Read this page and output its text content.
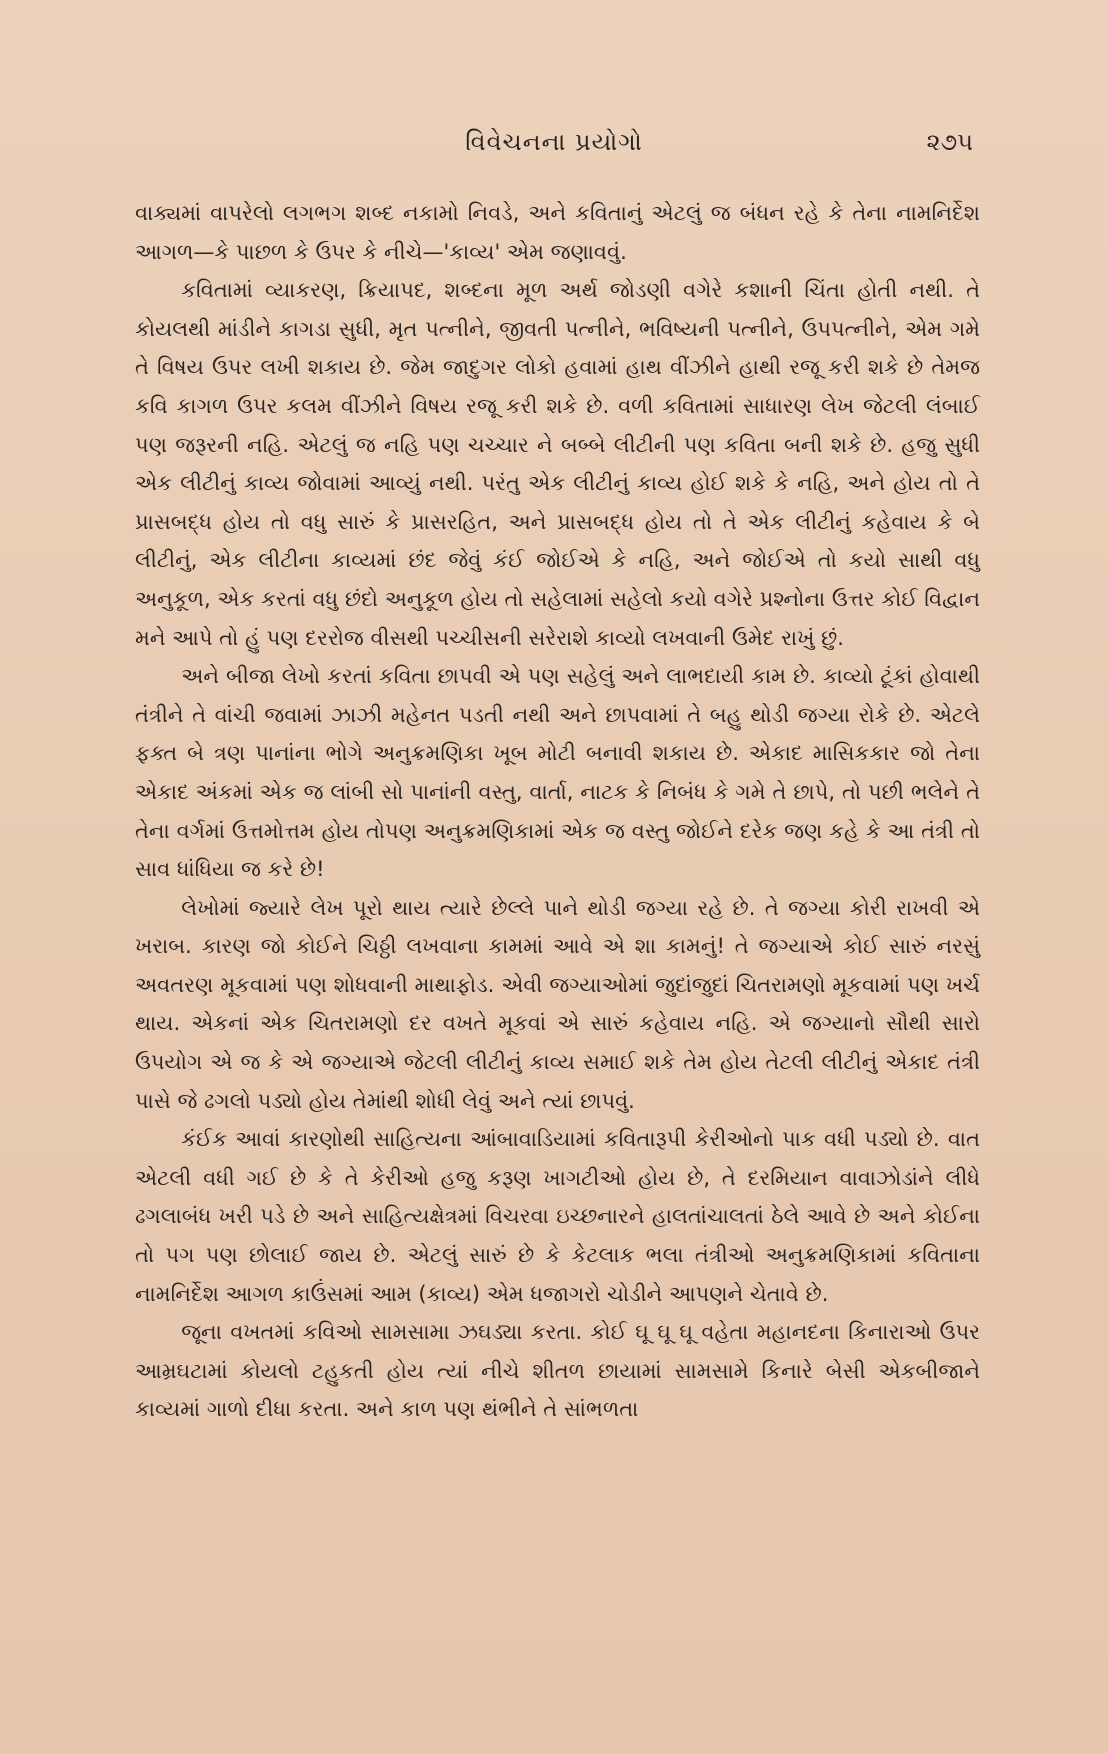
વિવેચનના પ્રયોગો	૨૭૫

વાક્યમાં વાપરેલો લગભગ શબ્દ નકામો નિવડે, અને કવિતાનું એટલું જ બંધન રહે કે તેના નામનિર્દેશ આગળ—કે પાછળ કે ઉપર કે નીચે—'કાવ્ય' એમ જણાવવું.

કવિતામાં વ્યાકરણ, ક્રિયાપદ, શબ્દના મૂળ અર્થ જોડણી વગેરે કશાની ચિંતા હોતી નથી. તે કોયલથી માંડીને કાગડા સુધી, મૃત પત્નીને, જીવતી પત્નીને, ભવિષ્યની પત્નીને, ઉપપત્નીને, એમ ગમે તે વિષય ઉપર લખી શકાય છે. જેમ જાદુગર લોકો હવામાં હાથ વીંઝીને હાથી રજૂ કરી શકે છે તેમજ કવિ કાગળ ઉપર કલમ વીંઝીને વિષય રજૂ કરી શકે છે. વળી કવિતામાં સાધારણ લેખ જેટલી લંબાઈ પણ જરૂરની નહિ. એટલું જ નહિ પણ ચચ્ચાર ને બબ્બે લીટીની પણ કવિતા બની શકે છે. હજુ સુધી એક લીટીનું કાવ્ય જોવામાં આવ્યું નથી. પરંતુ એક લીટીનું કાવ્ય હોઈ શકે કે નહિ, અને હોય તો તે પ્રાસબદ્ધ હોય તો વધુ સારું કે પ્રાસરહિત, અને પ્રાસબદ્ધ હોય તો તે એક લીટીનું કહેવાય કે બે લીટીનું, એક લીટીના કાવ્યમાં છંદ જેવું કંઈ જોઈએ કે નહિ, અને જોઈએ તો કયો સાથી વધુ અનુકૂળ, એક કરતાં વધુ છંદો અનુકૂળ હોય તો સહેલામાં સહેલો કયો વગેરે પ્રશ્નોના ઉત્તર કોઈ વિદ્વાન મને આપે તો હું પણ દરરોજ વીસથી પચ્ચીસની સરેરાશે કાવ્યો લખવાની ઉમેદ રાખું છું.

અને બીજા લેખો કરતાં કવિતા છાપવી એ પણ સહેલું અને લાભદાયી કામ છે. કાવ્યો ટૂંકાં હોવાથી તંત્રીને તે વાંચી જવામાં ઝાઝી મહેનત પડતી નથી અને છાપવામાં તે બહુ થોડી જગ્યા રોકે છે. એટલે ફક્ત બે ત્રણ પાનાંના ભોગે અનુક્રમણિકા ખૂબ મોટી બનાવી શકાય છે. એકાદ માસિકકાર જો તેના એકાદ અંકમાં એક જ લાંબી સો પાનાંની વસ્તુ, વાર્તા, નાટક કે નિબંધ કે ગમે તે છાપે, તો પછી ભલેને તે તેના વર્ગમાં ઉત્તમોત્તમ હોય તોપણ અનુક્રમણિકામાં એક જ વસ્તુ જોઈને દરેક જણ કહે કે આ તંત્રી તો સાવ ધાંધિયા જ કરે છે!

લેખોમાં જ્યારે લેખ પૂરો થાય ત્યારે છેલ્લે પાને થોડી જગ્યા રહે છે. તે જગ્યા કોરી રાખવી એ ખરાબ. કારણ જો કોઈને ચિઠ્ઠી લખવાના કામમાં આવે એ શા કામનું! તે જગ્યાએ કોઈ સારું નરસું અવતરણ મૂકવામાં પણ શોધવાની માથાફોડ. એવી જગ્યાઓમાં જુદાંજુદાં ચિતરામણો મૂકવામાં પણ ખર્ચ થાય. એકનાં એક ચિતરામણો દર વખતે મૂકવાં એ સારું કહેવાય નહિ. એ જગ્યાનો સૌથી સારો ઉપયોગ એ જ કે એ જગ્યાએ જેટલી લીટીનું કાવ્ય સમાઈ શકે તેમ હોય તેટલી લીટીનું એકાદ તંત્રી પાસે જે ઢગલો પડ્યો હોય તેમાંથી શોધી લેવું અને ત્યાં છાપવું.

કંઈક આવાં કારણોથી સાહિત્યના આંબાવાડિયામાં કવિતારૂપી કેરીઓનો પાક વધી પડ્યો છે. વાત એટલી વધી ગઈ છે કે તે કેરીઓ હજુ કરૂણ ખાગટીઓ હોય છે, તે દરમિયાન વાવાઝોડાંને લીધે ઢગલાબંધ ખરી પડે છે અને સાહિત્યક્ષેત્રમાં વિચરવા ઇચ્છનારને હાલતાંચાલતાં ઠેલે આવે છે અને કોઈના તો પગ પણ છોલાઈ જાય છે. એટલું સારું છે કે કેટલાક ભલા તંત્રીઓ અનુક્રમણિકામાં કવિતાના નામનિર્દેશ આગળ કાઉંસમાં આમ (કાવ્ય) એમ ધજાગરો ચોડીને આપણને ચેતાવે છે.

જૂના વખતમાં કવિઓ સામસામા ઝઘડ્યા કરતા. કોઈ ઘૂ ઘૂ ઘૂ વહેતા મહાનદના કિનારાઓ ઉપર આમ્રઘટામાં કોયલો ટહુકતી હોય ત્યાં નીચે શીતળ છાયામાં સામસામે કિનારે બેસી એકબીજાને કાવ્યમાં ગાળો દીધા કરતા. અને કાળ પણ થંભીને તે સાંભળતા
